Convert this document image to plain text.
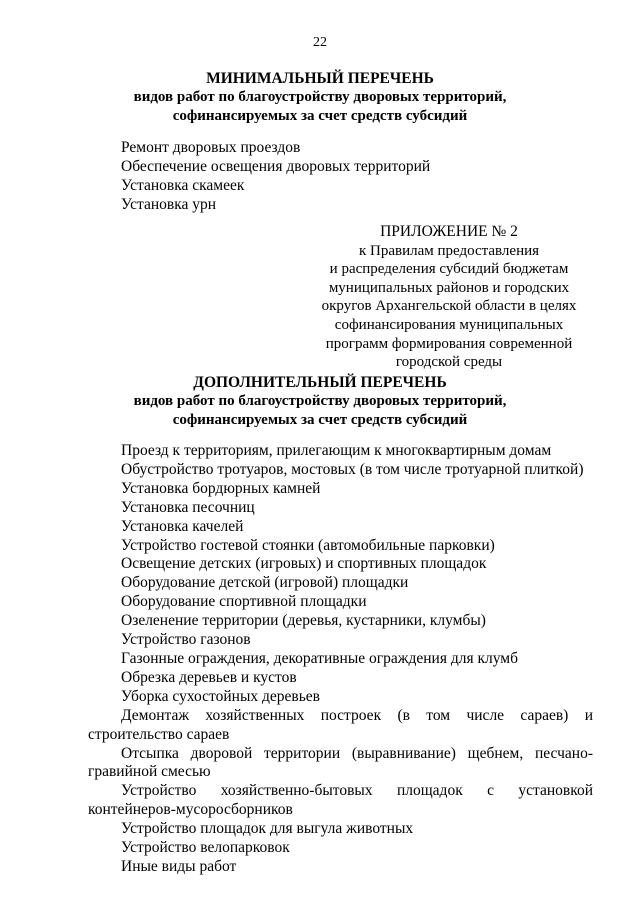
22
МИНИМАЛЬНЫЙ ПЕРЕЧЕНЬ
видов работ по благоустройству дворовых территорий,
софинансируемых за счет средств субсидий
Ремонт дворовых проездов
Обеспечение освещения дворовых территорий
Установка скамеек
Установка урн
ПРИЛОЖЕНИЕ № 2
к Правилам предоставления
и распределения субсидий бюджетам
муниципальных районов и городских
округов Архангельской области в целях
софинансирования муниципальных
программ формирования современной
городской среды
ДОПОЛНИТЕЛЬНЫЙ ПЕРЕЧЕНЬ
видов работ по благоустройству дворовых территорий,
софинансируемых за счет средств субсидий
Проезд к территориям, прилегающим к многоквартирным домам
Обустройство тротуаров, мостовых (в том числе тротуарной плиткой)
Установка бордюрных камней
Установка песочниц
Установка качелей
Устройство гостевой стоянки (автомобильные парковки)
Освещение детских (игровых) и спортивных площадок
Оборудование детской (игровой) площадки
Оборудование спортивной площадки
Озеленение территории (деревья, кустарники, клумбы)
Устройство газонов
Газонные ограждения, декоративные ограждения для клумб
Обрезка деревьев и кустов
Уборка сухостойных деревьев
Демонтаж хозяйственных построек (в том числе сараев) и строительство сараев
Отсыпка дворовой территории (выравнивание) щебнем, песчано-гравийной смесью
Устройство хозяйственно-бытовых площадок с установкой контейнеров-мусоросборников
Устройство площадок для выгула животных
Устройство велопарковок
Иные виды работ
